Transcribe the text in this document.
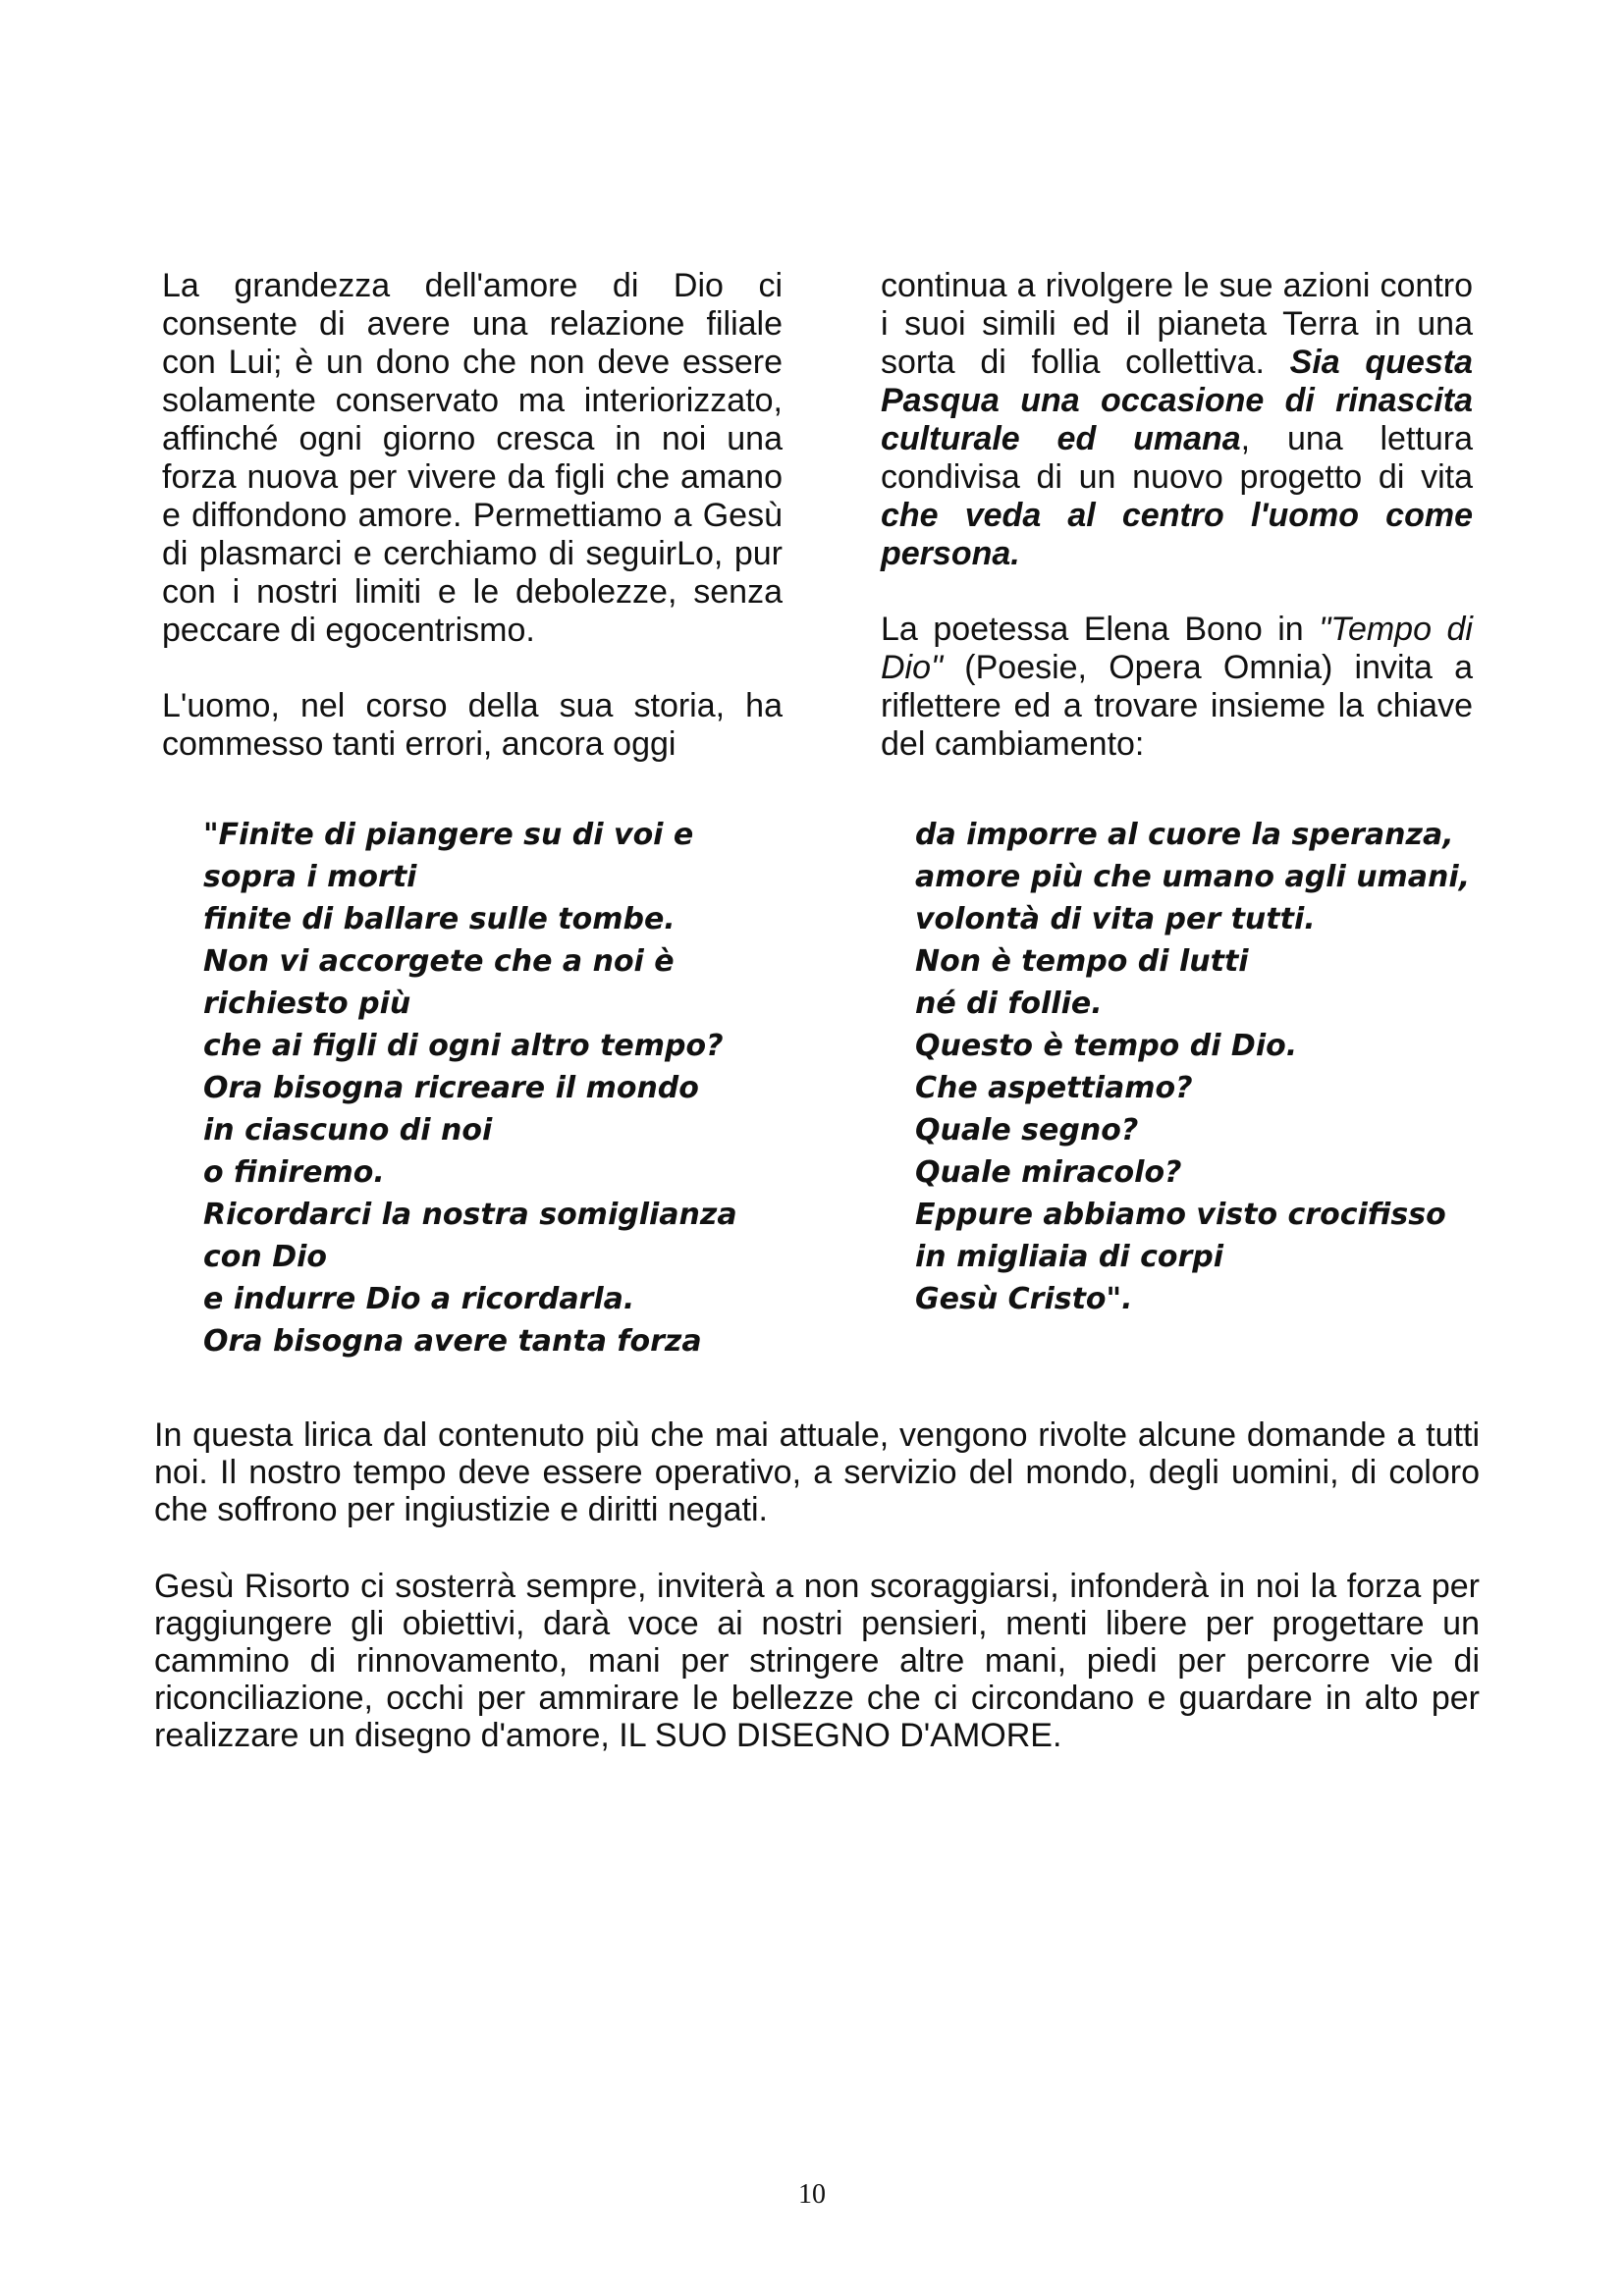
La grandezza dell'amore di Dio ci consente di avere una relazione filiale con Lui; è un dono che non deve essere solamente conservato ma interiorizzato, affinché ogni giorno cresca in noi una forza nuova per vivere da figli che amano e diffondono amore. Permettiamo a Gesù di plasmarci e cerchiamo di seguirLo, pur con i nostri limiti e le debolezze, senza peccare di egocentrismo.

L'uomo, nel corso della sua storia, ha commesso tanti errori, ancora oggi

continua a rivolgere le sue azioni contro i suoi simili ed il pianeta Terra in una sorta di follia collettiva. Sia questa Pasqua una occasione di rinascita culturale ed umana, una lettura condivisa di un nuovo progetto di vita che veda al centro l'uomo come persona.

La poetessa Elena Bono in "Tempo di Dio" (Poesie, Opera Omnia) invita a riflettere ed a trovare insieme la chiave del cambiamento:

"Finite di piangere su di voi e
sopra i morti
finite di ballare sulle tombe.
Non vi accorgete che a noi è
richiesto più
che ai figli di ogni altro tempo?
Ora bisogna ricreare il mondo
in ciascuno di noi
o finiremo.
Ricordarci la nostra somiglianza
con Dio
e indurre Dio a ricordarla.
Ora bisogna avere tanta forza
da imporre al cuore la speranza,
amore più che umano agli umani,
volontà di vita per tutti.
Non è tempo di lutti
né di follie.
Questo è tempo di Dio.
Che aspettiamo?
Quale segno?
Quale miracolo?
Eppure abbiamo visto crocifisso
in migliaia di corpi
Gesù Cristo".

In questa lirica dal contenuto più che mai attuale, vengono rivolte alcune domande a tutti noi. Il nostro tempo deve essere operativo, a servizio del mondo, degli uomini, di coloro che soffrono per ingiustizie e diritti negati.

Gesù Risorto ci sosterrà sempre, inviterà a non scoraggiarsi, infonderà in noi la forza per raggiungere gli obiettivi, darà voce ai nostri pensieri, menti libere per progettare un cammino di rinnovamento, mani per stringere altre mani, piedi per percorre vie di riconciliazione, occhi per ammirare le bellezze che ci circondano e guardare in alto per realizzare un disegno d'amore, IL SUO DISEGNO D'AMORE.

10
